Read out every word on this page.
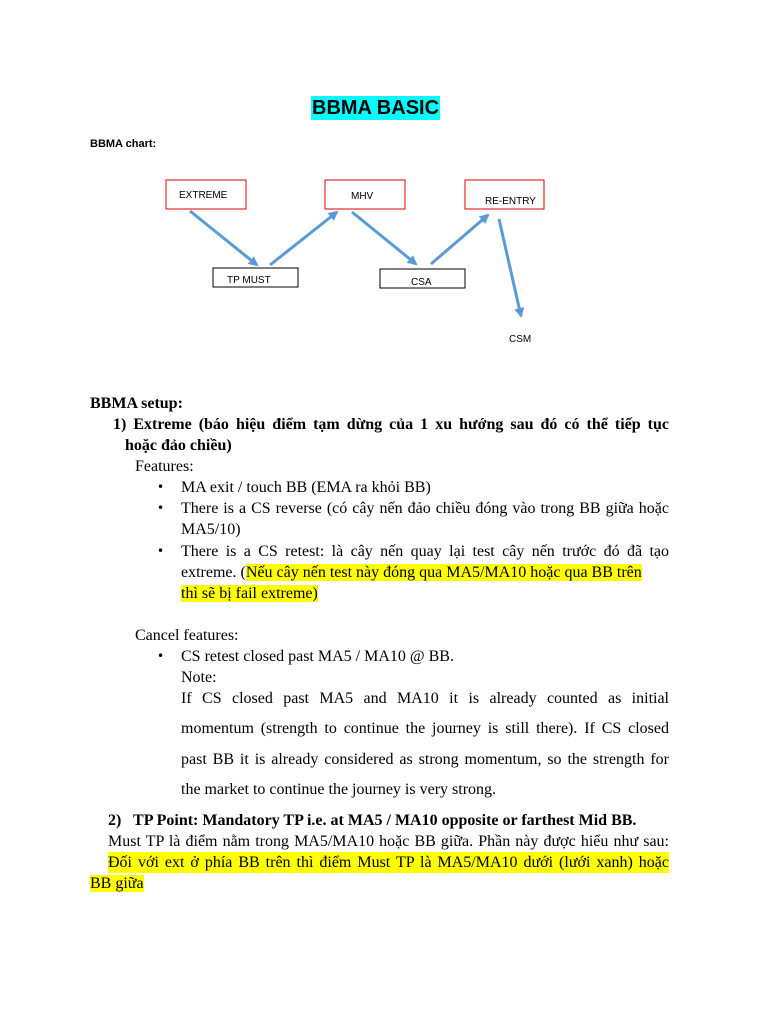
BBMA BASIC
BBMA chart:
EXTREME	MHV	RE-ENTRY
TP MUST	CSA
CSM
BBMA setup:
1) Extreme (báo hiệu điểm tạm dừng của 1 xu hướng sau đó có thể tiếp tục
hoặc đảo chiều)
Features:
• MA exit / touch BB (EMA ra khỏi BB)
• There is a CS reverse (có cây nến đảo chiều đóng vào trong BB giữa hoặc
MA5/10)
• There is a CS retest: là cây nến quay lại test cây nến trước đó đã tạo
extreme. (Nếu cây nến test này đóng qua MA5/MA10 hoặc qua BB trên
thì sẽ bị fail extreme)
Cancel features:
• CS retest closed past MA5 / MA10 @ BB.
Note:
If CS closed past MA5 and MA10 it is already counted as initial
momentum (strength to continue the journey is still there). If CS closed
past BB it is already considered as strong momentum, so the strength for
the market to continue the journey is very strong.
2)   TP Point: Mandatory TP i.e. at MA5 / MA10 opposite or farthest Mid BB.
Must TP là điểm nằm trong MA5/MA10 hoặc BB giữa. Phần này được hiểu như sau:
Đối với ext ở phía BB trên thì điểm Must TP là MA5/MA10 dưới (lưới xanh) hoặc
BB giữa
